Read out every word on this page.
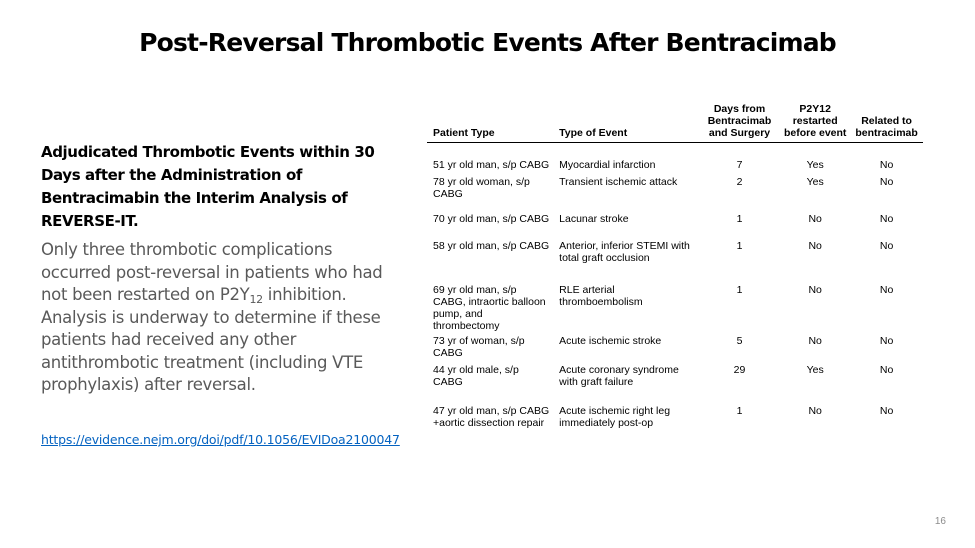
Post-Reversal Thrombotic Events After Bentracimab

Adjudicated Thrombotic Events within 30 Days after the Administration of Bentracimabin the Interim Analysis of REVERSE-IT.

Only three thrombotic complications occurred post-reversal in patients who had not been restarted on $P2Y_{12}$ inhibition. Analysis is underway to determine if these patients had received any other antithrombotic treatment (including VTE prophylaxis) after reversal.
https://evidence.nejm.org/doi/pdf/10.1056/EVIDoa2100047
Patient Type	Type of Event	Days from Bentracimab and Surgery	P2Y12 restarted before event	Related to bentracimab
51 yr old man, s/p CABG	Myocardial infarction	7	Yes	No
78 yr old woman, s/p CABG	Transient ischemic attack	2	Yes	No
70 yr old man, s/p CABG	Lacunar stroke	1	No	No
58 yr old man, s/p CABG	Anterior, inferior STEMI with total graft occlusion	1	No	No
69 yr old man, s/p CABG, intraortic balloon pump, and thrombectomy	RLE arterial thromboembolism	1	No	No
73 yr of woman, s/p CABG	Acute ischemic stroke	5	No	No
44 yr old male, s/p CABG	Acute coronary syndrome with graft failure	29	Yes	No
47 yr old man, s/p CABG +aortic dissection repair	Acute ischemic right leg immediately post-op	1	No	No
16
